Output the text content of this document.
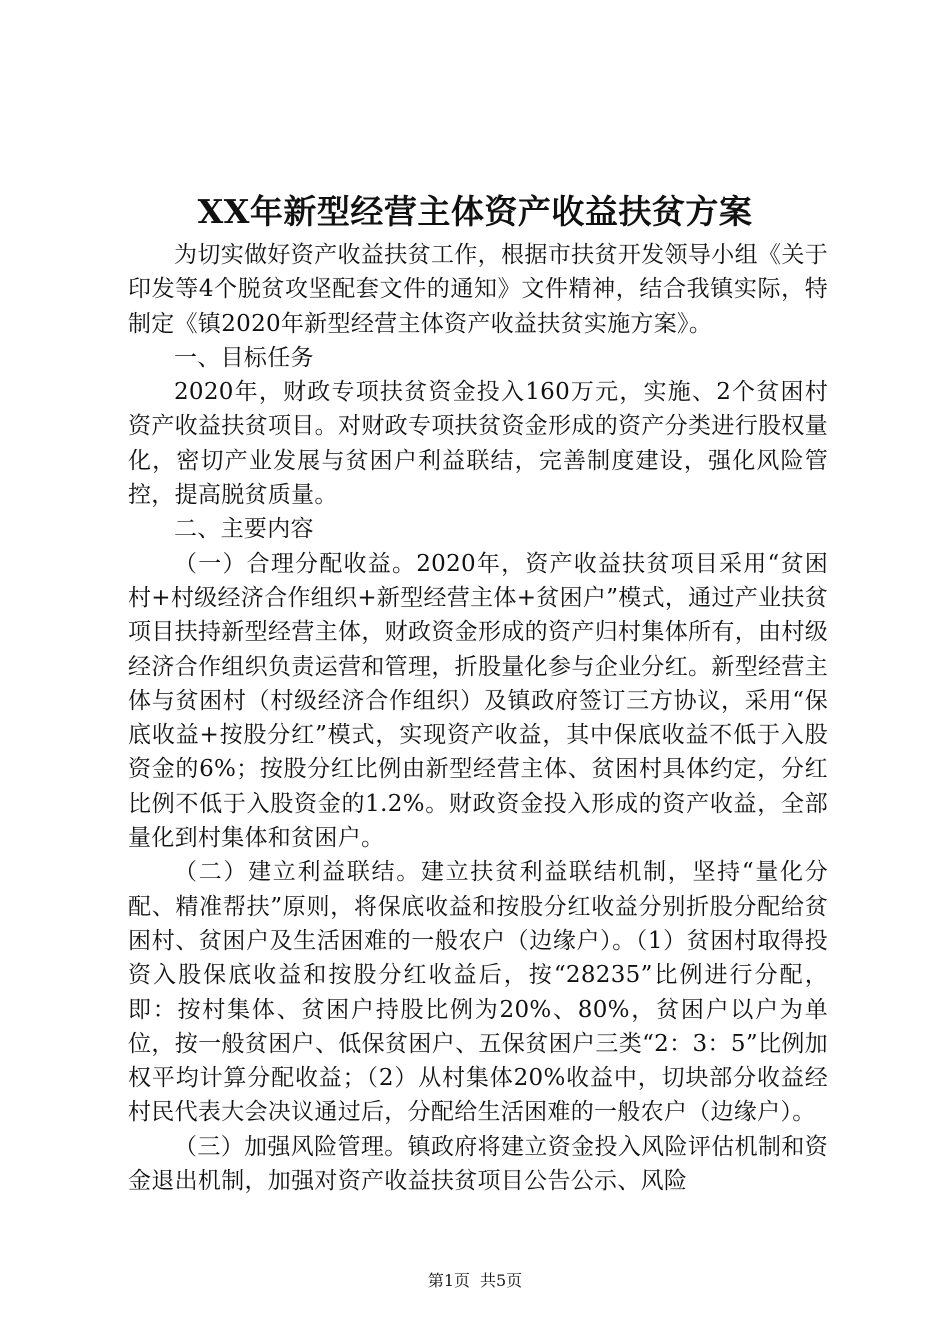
XX年新型经营主体资产收益扶贫方案

为切实做好资产收益扶贫工作，根据市扶贫开发领导小组《关于印发等4个脱贫攻坚配套文件的通知》文件精神，结合我镇实际，特制定《镇2020年新型经营主体资产收益扶贫实施方案》。

一、目标任务

2020年，财政专项扶贫资金投入160万元，实施、2个贫困村资产收益扶贫项目。对财政专项扶贫资金形成的资产分类进行股权量化，密切产业发展与贫困户利益联结，完善制度建设，强化风险管控，提高脱贫质量。

二、主要内容

（一）合理分配收益。2020年，资产收益扶贫项目采用“贫困村+村级经济合作组织+新型经营主体+贫困户”模式，通过产业扶贫项目扶持新型经营主体，财政资金形成的资产归村集体所有，由村级经济合作组织负责运营和管理，折股量化参与企业分红。新型经营主体与贫困村（村级经济合作组织）及镇政府签订三方协议，采用“保底收益+按股分红”模式，实现资产收益，其中保底收益不低于入股资金的6%；按股分红比例由新型经营主体、贫困村具体约定，分红比例不低于入股资金的1.2%。财政资金投入形成的资产收益，全部量化到村集体和贫困户。

（二）建立利益联结。建立扶贫利益联结机制，坚持“量化分配、精准帮扶”原则，将保底收益和按股分红收益分别折股分配给贫困村、贫困户及生活困难的一般农户（边缘户）。（1）贫困村取得投资入股保底收益和按股分红收益后，按“28235”比例进行分配，即：按村集体、贫困户持股比例为20%、80%，贫困户以户为单位，按一般贫困户、低保贫困户、五保贫困户三类“2：3：5”比例加权平均计算分配收益；（2）从村集体20%收益中，切块部分收益经村民代表大会决议通过后，分配给生活困难的一般农户（边缘户）。

（三）加强风险管理。镇政府将建立资金投入风险评估机制和资金退出机制，加强对资产收益扶贫项目公告公示、风险

第1页 共5页
